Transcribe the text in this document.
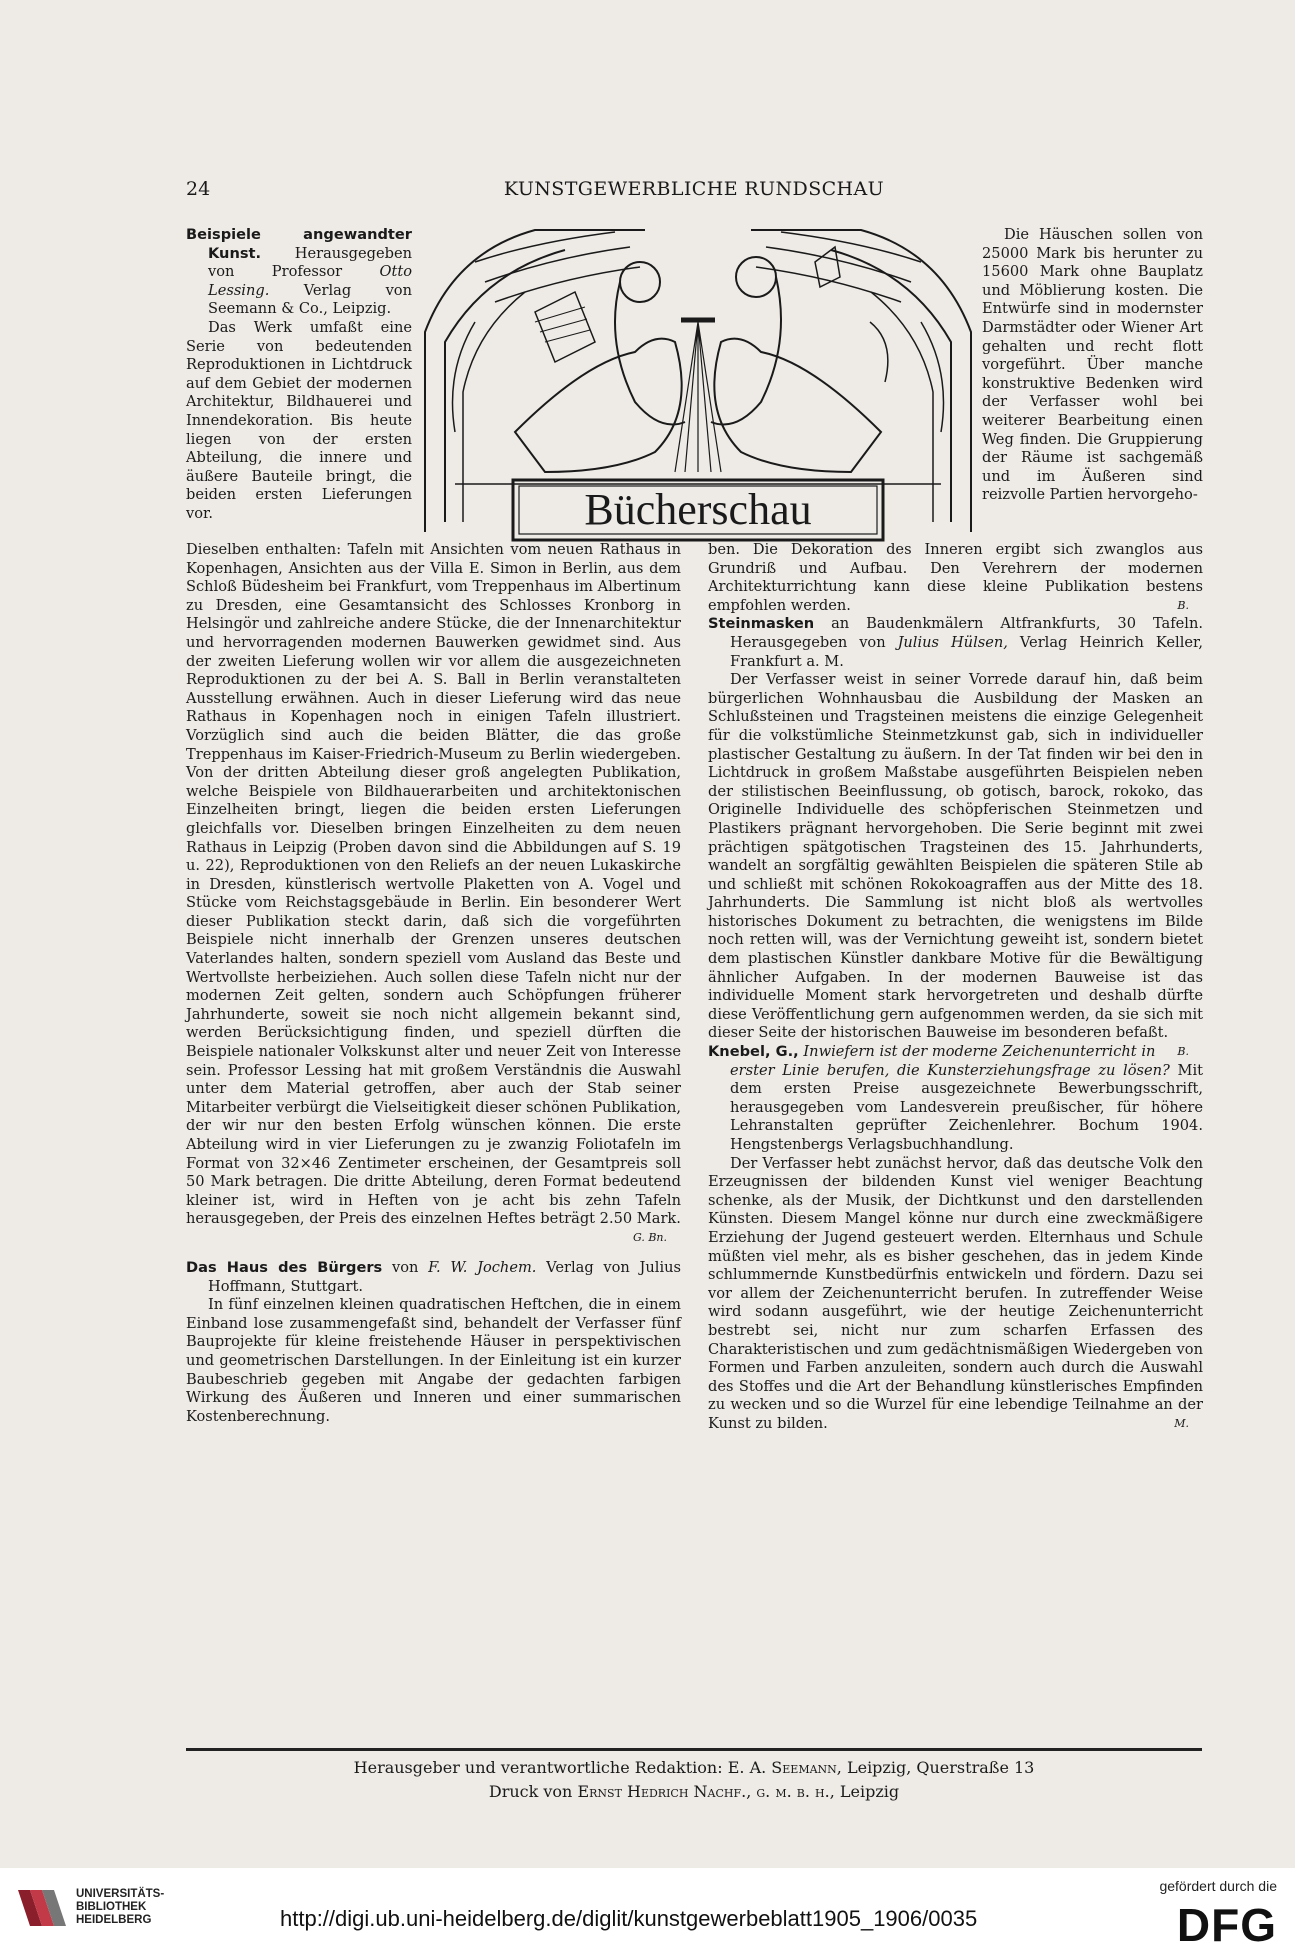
24	KUNSTGEWERBLICHE RUNDSCHAU

Beispiele angewandter Kunst. Herausgegeben von Professor	Otto Lessing. Verlag von Seemann & Co., Leipzig.

Das Werk umfaßt eine Serie von bedeutenden Reproduktionen in Lichtdruck auf dem Gebiet der modernen Architektur, Bildhauerei und Innendekoration. Bis heute liegen von der ersten Abteilung, die innere und äußere Bauteile bringt, die beiden ersten Lieferungen vor.	Bücherschau

Die Häuschen sollen von 25000 Mark bis herunter zu 15600 Mark ohne Bauplatz und Möblierung kosten. Die Entwürfe sind in modernster Darmstädter oder Wiener Art gehalten und recht flott vorgeführt. Über manche konstruktive Bedenken wird der Verfasser wohl bei weiterer Bearbeitung einen Weg finden. Die Gruppierung der Räume ist sachgemäß und im Äußeren sind reizvolle Partien hervorgeho-

Dieselben enthalten: Tafeln mit Ansichten vom neuen Rathaus in Kopenhagen, Ansichten aus der Villa E. Simon in Berlin, aus dem Schloß Büdesheim bei Frankfurt, vom Treppenhaus im Albertinum zu Dresden, eine Gesamtansicht des Schlosses Kronborg in Helsingör und zahlreiche andere Stücke, die der Innenarchitektur und hervorragenden modernen Bauwerken gewidmet sind. Aus der zweiten Lieferung wollen wir vor allem die ausgezeichneten Reproduktionen zu der bei A. S. Ball in Berlin veranstalteten Ausstellung erwähnen. Auch in dieser Lieferung wird das neue Rathaus in Kopenhagen noch in einigen Tafeln illustriert. Vorzüglich sind auch die beiden Blätter, die das große Treppenhaus im Kaiser-Friedrich-Museum zu Berlin wiedergeben. Von der dritten Abteilung dieser groß angelegten Publikation, welche Beispiele von Bildhauerarbeiten und architektonischen Einzelheiten bringt, liegen die beiden ersten Lieferungen gleichfalls vor. Dieselben bringen Einzelheiten zu dem neuen Rathaus in Leipzig (Proben davon sind die Abbildungen auf S. 19 u. 22), Reproduktionen von den Reliefs an der neuen Lukaskirche in Dresden, künstlerisch wertvolle Plaketten von A. Vogel und Stücke vom Reichstagsgebäude in Berlin. Ein besonderer Wert dieser Publikation steckt darin, daß sich die vorgeführten Beispiele nicht innerhalb der Grenzen unseres deutschen Vaterlandes halten, sondern speziell vom Ausland das Beste und Wertvollste herbeiziehen. Auch sollen diese Tafeln nicht nur der modernen Zeit gelten, sondern auch Schöpfungen früherer Jahrhunderte, soweit sie noch nicht allgemein bekannt sind, werden Berücksichtigung finden, und speziell dürften die Beispiele nationaler Volkskunst alter und neuer Zeit von Interesse sein. Professor Lessing hat mit großem Verständnis die Auswahl unter dem Material getroffen, aber auch der Stab seiner Mitarbeiter verbürgt die Vielseitigkeit dieser schönen Publikation, der wir nur den besten Erfolg wünschen können. Die erste Abteilung wird in vier Lieferungen zu je zwanzig Foliotafeln im Format von 32×46 Zentimeter erscheinen, der Gesamtpreis soll 50 Mark betragen. Die dritte Abteilung, deren Format bedeutend kleiner ist, wird in Heften von je acht bis zehn Tafeln herausgegeben, der Preis des einzelnen Heftes beträgt 2.50 Mark.

G. Bn.

Das Haus des Bürgers von F. W. Jochem. Verlag von Julius Hoffmann, Stuttgart.

In fünf einzelnen kleinen quadratischen Heftchen, die in einem Einband lose zusammengefaßt sind, behandelt der Verfasser fünf Bauprojekte für kleine freistehende Häuser in perspektivischen und geometrischen Darstellungen. In der Einleitung ist ein kurzer Baubeschrieb gegeben mit Angabe der gedachten farbigen Wirkung des Äußeren und Inneren und einer summarischen Kostenberechnung.

ben. Die Dekoration des Inneren ergibt sich zwanglos aus Grundriß und Aufbau. Den Verehrern der modernen Architekturrichtung kann diese kleine Publikation bestens empfohlen werden.	B.

Steinmasken an Baudenkmälern Altfrankfurts, 30 Tafeln. Herausgegeben von Julius Hülsen, Verlag Heinrich Keller, Frankfurt a. M.

Der Verfasser weist in seiner Vorrede darauf hin, daß beim bürgerlichen Wohnhausbau die Ausbildung der Masken an Schlußsteinen und Tragsteinen meistens die einzige Gelegenheit für die volkstümliche Steinmetzkunst gab, sich in individueller plastischer Gestaltung zu äußern. In der Tat finden wir bei den in Lichtdruck in großem Maßstabe ausgeführten Beispielen neben der stilistischen Beeinflussung, ob gotisch, barock, rokoko, das Originelle Individuelle des schöpferischen Steinmetzen und Plastikers prägnant hervorgehoben. Die Serie beginnt mit zwei prächtigen spätgotischen Tragsteinen des 15. Jahrhunderts, wandelt an sorgfältig gewählten Beispielen die späteren Stile ab und schließt mit schönen Rokokoagraffen aus der Mitte des 18. Jahrhunderts. Die Sammlung ist nicht bloß als wertvolles historisches Dokument zu betrachten, die wenigstens im Bilde noch retten will, was der Vernichtung geweiht ist, sondern bietet dem plastischen Künstler dankbare Motive für die Bewältigung ähnlicher Aufgaben. In der modernen Bauweise ist das individuelle Moment stark hervorgetreten und deshalb dürfte diese Veröffentlichung gern aufgenommen werden, da sie sich mit dieser Seite der historischen Bauweise im besonderen befaßt.
B.

Knebel, G., Inwiefern ist der moderne Zeichenunterricht in erster Linie berufen, die Kunsterziehungsfrage zu lösen? Mit dem ersten Preise ausgezeichnete Bewerbungsschrift, herausgegeben vom Landesverein preußischer, für höhere Lehranstalten geprüfter Zeichenlehrer. Bochum 1904. Hengstenbergs Verlagsbuchhandlung.

Der Verfasser hebt zunächst hervor, daß das deutsche Volk den Erzeugnissen der bildenden Kunst viel weniger Beachtung schenke, als der Musik, der Dichtkunst und den darstellenden Künsten. Diesem Mangel könne nur durch eine zweckmäßigere Erziehung der Jugend gesteuert werden. Elternhaus und Schule müßten viel mehr, als es bisher geschehen, das in jedem Kinde schlummernde Kunstbedürfnis entwickeln und fördern. Dazu sei vor allem der Zeichenunterricht berufen. In zutreffender Weise wird sodann ausgeführt, wie der heutige Zeichenunterricht bestrebt sei, nicht nur zum scharfen Erfassen des Charakteristischen und zum gedächtnismäßigen Wiedergeben von Formen und Farben anzuleiten, sondern auch durch die Auswahl des Stoffes und die Art der Behandlung künstlerisches Empfinden zu wecken und so die Wurzel für eine lebendige Teilnahme an der Kunst zu bilden.	M.

Herausgeber und verantwortliche Redaktion: E. A. Seemann, Leipzig, Querstraße 13
Druck von Ernst Hedrich Nachf., g. m. b. h., Leipzig
UNIVERSITÄTS-
BIBLIOTHEK
HEIDELBERG	http://digi.ub.uni-heidelberg.de/diglit/kunstgewerbeblatt1905_1906/0035
gefördert durch die
DFG
